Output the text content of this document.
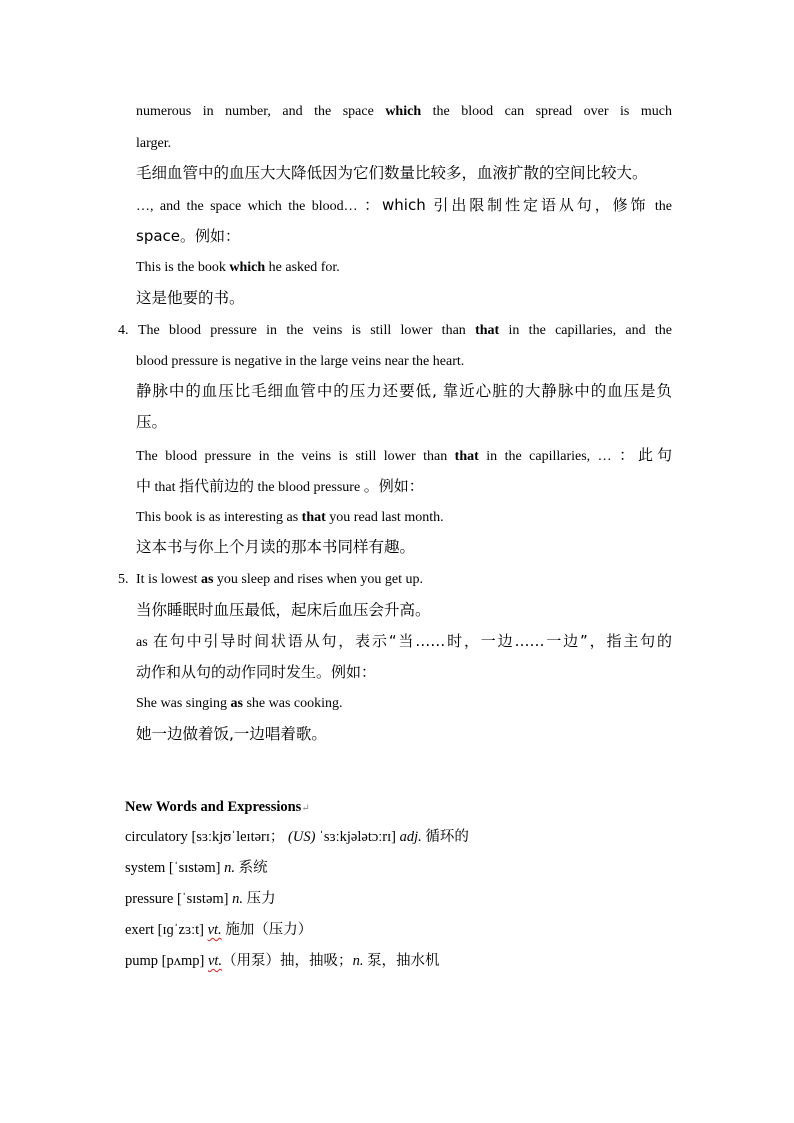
numerous in number, and the space which the blood can spread over is much
larger.
毛细血管中的血压大大降低因为它们数量比较多，血液扩散的空间比较大。
…, and the space which the blood… ：which 引出限制性定语从句，修饰 the
space。例如：
This is the book which he asked for.
这是他要的书。
4. The blood pressure in the veins is still lower than that in the capillaries, and the
blood pressure is negative in the large veins near the heart.
静脉中的血压比毛细血管中的压力还要低, 靠近心脏的大静脉中的血压是负
压。
The blood pressure in the veins is still lower than that in the capillaries, … ：此句
中 that 指代前边的 the blood pressure 。例如：
This book is as interesting as that you read last month.
这本书与你上个月读的那本书同样有趣。
5. It is lowest as you sleep and rises when you get up.
当你睡眠时血压最低，起床后血压会升高。
as 在句中引导时间状语从句，表示“当……时，一边……一边”，指主句的
动作和从句的动作同时发生。例如：
She was singing as she was cooking.
她一边做着饭,一边唱着歌。
New Words and Expressions↵
circulatory [sɜːkjʊˈleɪtərɪ； (US) ˈsɜːkjələtɔːrɪ] adj. 循环的
system [ˈsɪstəm] n. 系统
pressure [ˈsɪstəm] n. 压力
exert [ɪɡˈzɜːt] vt. 施加（压力）
pump [pʌmp] vt.（用泵）抽，抽吸；n. 泵，抽水机
